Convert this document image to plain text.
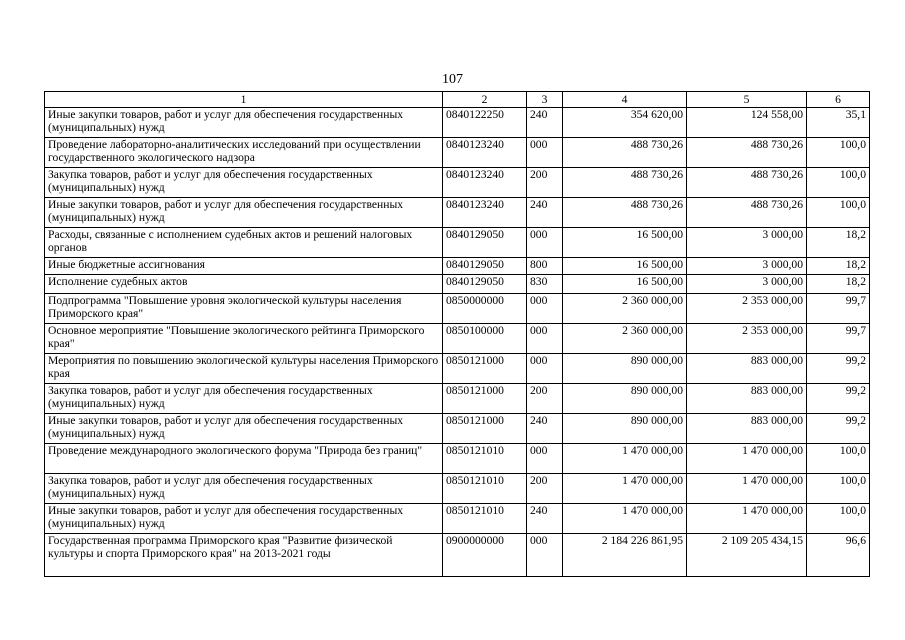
107
1	2	3	4	5	6
Иные закупки товаров, работ и услуг для обеспечения государственных (муниципальных) нужд	0840122250	240	354 620,00	124 558,00	35,1
Проведение лабораторно-аналитических исследований при осуществлении государственного экологического надзора	0840123240	000	488 730,26	488 730,26	100,0
Закупка товаров, работ и услуг для обеспечения государственных (муниципальных) нужд	0840123240	200	488 730,26	488 730,26	100,0
Иные закупки товаров, работ и услуг для обеспечения государственных (муниципальных) нужд	0840123240	240	488 730,26	488 730,26	100,0
Расходы, связанные с исполнением судебных актов и решений налоговых органов	0840129050	000	16 500,00	3 000,00	18,2
Иные бюджетные ассигнования	0840129050	800	16 500,00	3 000,00	18,2
Исполнение судебных актов	0840129050	830	16 500,00	3 000,00	18,2
Подпрограмма "Повышение уровня экологической культуры населения Приморского края"	0850000000	000	2 360 000,00	2 353 000,00	99,7
Основное мероприятие "Повышение экологического рейтинга Приморского края"	0850100000	000	2 360 000,00	2 353 000,00	99,7
Мероприятия по повышению экологической культуры населения Приморского края	0850121000	000	890 000,00	883 000,00	99,2
Закупка товаров, работ и услуг для обеспечения государственных (муниципальных) нужд	0850121000	200	890 000,00	883 000,00	99,2
Иные закупки товаров, работ и услуг для обеспечения государственных (муниципальных) нужд	0850121000	240	890 000,00	883 000,00	99,2
Проведение международного экологического форума "Природа без границ"	0850121010	000	1 470 000,00	1 470 000,00	100,0
Закупка товаров, работ и услуг для обеспечения государственных (муниципальных) нужд	0850121010	200	1 470 000,00	1 470 000,00	100,0
Иные закупки товаров, работ и услуг для обеспечения государственных (муниципальных) нужд	0850121010	240	1 470 000,00	1 470 000,00	100,0
Государственная программа Приморского края "Развитие физической культуры и спорта Приморского края" на 2013-2021 годы	0900000000	000	2 184 226 861,95	2 109 205 434,15	96,6
